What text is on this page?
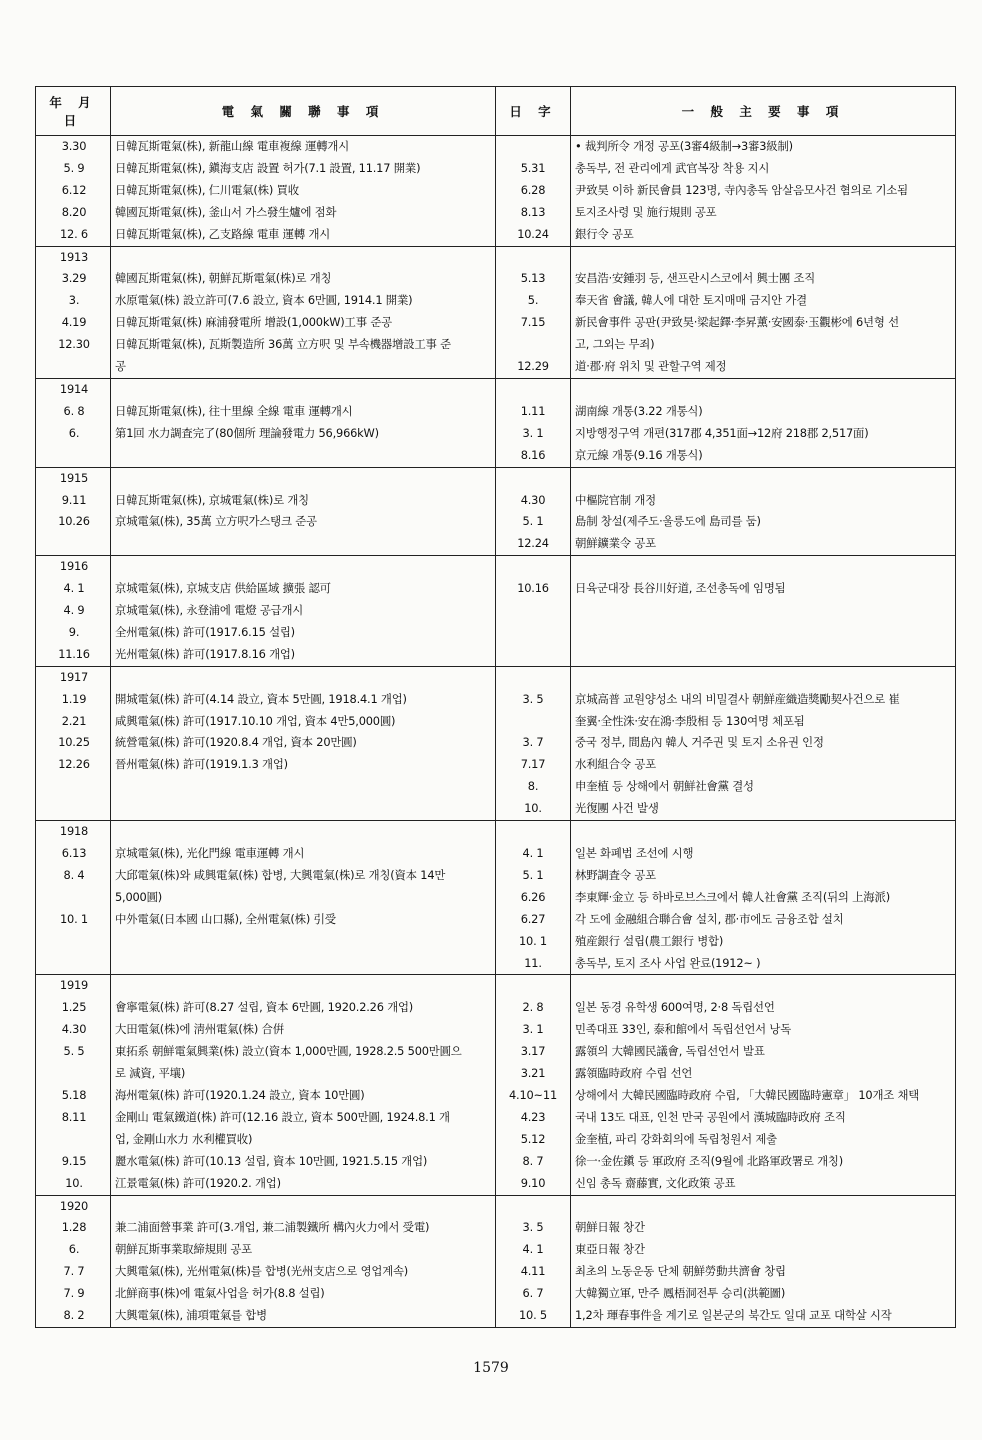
年 月 日	電 氣 關 聯 事 項	日 字	一 般 主 要 事 項
3.30	日韓瓦斯電氣(株), 新龍山線 電車複線 運轉개시		• 裁判所令 개정 공포(3審4級制→3審3級制)
5. 9	日韓瓦斯電氣(株), 鎭海支店 設置 허가(7.1 設置, 11.17 開業)	5.31	총독부, 전 관리에게 武官복장 착용 지시
6.12	日韓瓦斯電氣(株), 仁川電氣(株) 買收	6.28	尹致昊 이하 新民會員 123명, 寺內총독 암살음모사건 혐의로 기소됨
8.20	韓國瓦斯電氣(株), 釜山서 가스發生爐에 점화	8.13	토지조사령 및 施行規則 공포
12. 6	日韓瓦斯電氣(株), 乙支路線 電車 運轉 개시	10.24	銀行令 공포
1913			
3.29	韓國瓦斯電氣(株), 朝鮮瓦斯電氣(株)로 개칭	5.13	安昌浩·安鍾羽 등, 샌프란시스코에서 興士團 조직
3.	水原電氣(株) 設立許可(7.6 設立, 資本 6만圓, 1914.1 開業)	5.	奉天省 會議, 韓人에 대한 토지매매 금지안 가결
4.19	日韓瓦斯電氣(株) 麻浦發電所 增設(1,000kW)工事 준공	7.15	新民會事件 공판(尹致昊·梁起鐸·李昇薰·安國泰·玉觀彬에 6년형 선
12.30	日韓瓦斯電氣(株), 瓦斯製造所 36萬 立方呎 및 부속機器增設工事 준		고, 그외는 무죄)
	공	12.29	道·郡·府 위치 및 관할구역 제정
1914			
6. 8	日韓瓦斯電氣(株), 往十里線 全線 電車 運轉개시	1.11	湖南線 개통(3.22 개통식)
6.	第1回 水力調査完了(80個所 理論發電力 56,966kW)	3. 1	지방행정구역 개편(317郡 4,351面→12府 218郡 2,517面)
		8.16	京元線 개통(9.16 개통식)
1915			
9.11	日韓瓦斯電氣(株), 京城電氣(株)로 개칭	4.30	中樞院官制 개정
10.26	京城電氣(株), 35萬 立方呎가스탱크 준공	5. 1	島制 창설(제주도·울릉도에 島司를 둠)
		12.24	朝鮮鑛業令 공포
1916			
4. 1	京城電氣(株), 京城支店 供給區域 擴張 認可	10.16	日육군대장 長谷川好道, 조선총독에 임명됨
4. 9	京城電氣(株), 永登浦에 電燈 공급개시		
9.	全州電氣(株) 許可(1917.6.15 설립)		
11.16	光州電氣(株) 許可(1917.8.16 개업)		
1917			
1.19	開城電氣(株) 許可(4.14 設立, 資本 5만圓, 1918.4.1 개업)	3. 5	京城高普 교원양성소 내의 비밀결사 朝鮮産織造獎勵契사건으로 崔
2.21	咸興電氣(株) 許可(1917.10.10 개업, 資本 4만5,000圓)		奎翼·全性洙·安在鴻·李殷相 등 130여명 체포됨
10.25	統營電氣(株) 許可(1920.8.4 개업, 資本 20만圓)	3. 7	중국 정부, 間島內 韓人 거주권 및 토지 소유권 인정
12.26	晉州電氣(株) 許可(1919.1.3 개업)	7.17	水利組合令 공포
		8.	申奎植 등 상해에서 朝鮮社會黨 결성
		10.	光復團 사건 발생
1918			
6.13	京城電氣(株), 光化門線 電車運轉 개시	4. 1	일본 화폐법 조선에 시행
8. 4	大邱電氣(株)와 咸興電氣(株) 합병, 大興電氣(株)로 개칭(資本 14만	5. 1	林野調査令 공포
	5,000圓)	6.26	李東輝·金立 등 하바로브스크에서 韓人社會黨 조직(뒤의 上海派)
10. 1	中外電氣(日本國 山口縣), 全州電氣(株) 引受	6.27	각 도에 金融組合聯合會 설치, 郡·市에도 금융조합 설치
		10. 1	殖産銀行 설립(農工銀行 병합)
		11.	총독부, 토지 조사 사업 완료(1912~ )
1919			
1.25	會寧電氣(株) 許可(8.27 설립, 資本 6만圓, 1920.2.26 개업)	2. 8	일본 동경 유학생 600여명, 2·8 독립선언
4.30	大田電氣(株)에 淸州電氣(株) 合倂	3. 1	민족대표 33인, 泰和館에서 독립선언서 낭독
5. 5	東拓系 朝鮮電氣興業(株) 設立(資本 1,000만圓, 1928.2.5 500만圓으	3.17	露領의 大韓國民議會, 독립선언서 발표
	로 減資, 平壤)	3.21	露領臨時政府 수립 선언
5.18	海州電氣(株) 許可(1920.1.24 設立, 資本 10만圓)	4.10~11	상해에서 大韓民國臨時政府 수립, 「大韓民國臨時憲章」 10개조 채택
8.11	金剛山 電氣鐵道(株) 許可(12.16 設立, 資本 500만圓, 1924.8.1 개	4.23	국내 13도 대표, 인천 만국 공원에서 漢城臨時政府 조직
	업, 金剛山水力 水利權買收)	5.12	金奎植, 파리 강화회의에 독립청원서 제출
9.15	麗水電氣(株) 許可(10.13 설립, 資本 10만圓, 1921.5.15 개업)	8. 7	徐一·金佐鎭 등 軍政府 조직(9월에 北路軍政署로 개칭)
10.	江景電氣(株) 許可(1920.2. 개업)	9.10	신임 총독 齋藤實, 文化政策 공표
1920			
1.28	兼二浦面營事業 許可(3.개업, 兼二浦製鐵所 構內火力에서 受電)	3. 5	朝鮮日報 창간
6.	朝鮮瓦斯事業取締規則 공포	4. 1	東亞日報 창간
7. 7	大興電氣(株), 光州電氣(株)를 합병(光州支店으로 영업계속)	4.11	최초의 노동운동 단체 朝鮮勞動共濟會 창립
7. 9	北鮮商事(株)에 電氣사업을 허가(8.8 설립)	6. 7	大韓獨立軍, 만주 鳳梧洞전투 승리(洪範圖)
8. 2	大興電氣(株), 浦項電氣를 합병	10. 5	1,2차 琿春事件을 계기로 일본군의 북간도 일대 교포 대학살 시작
1579
